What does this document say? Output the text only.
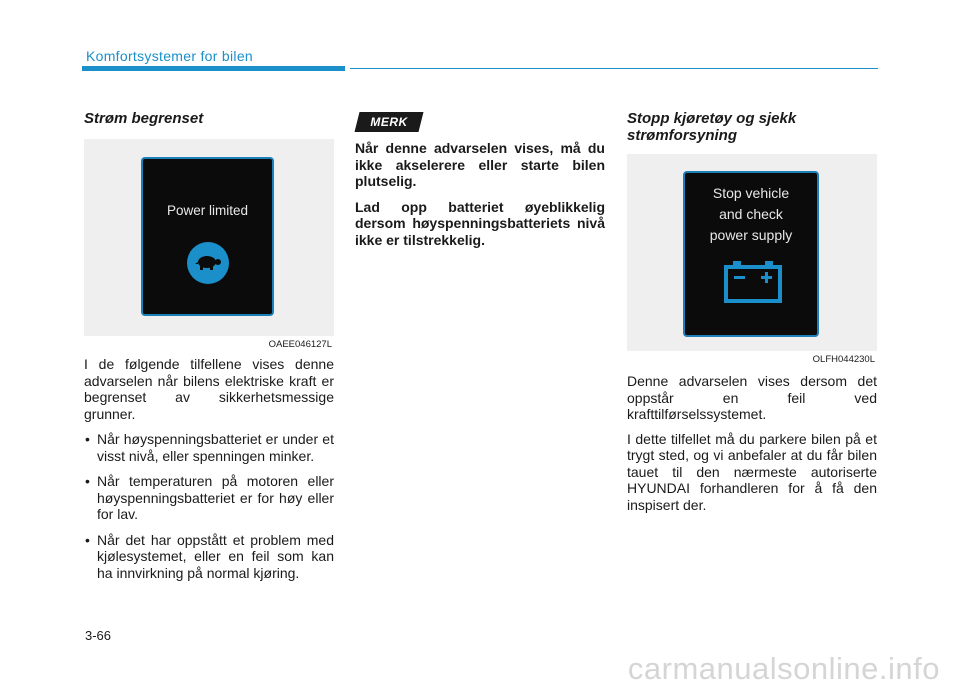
Komfortsystemer for bilen
Strøm begrenset
Power limited
OAEE046127L

I de følgende tilfellene vises denne advarselen når bilens elektriske kraft er begrenset av sikkerhetsmessige grunner.

• Når høyspenningsbatteriet er under et visst nivå, eller spenningen minker.
• Når temperaturen på motoren eller høyspenningsbatteriet er for høy eller for lav.
• Når det har oppstått et problem med kjølesystemet, eller en feil som kan ha innvirkning på normal kjøring.
MERK

Når denne advarselen vises, må du ikke akselerere eller starte bilen plutselig.

Lad opp batteriet øyeblikkelig dersom høyspenningsbatteriets nivå ikke er tilstrekkelig.

Stopp kjøretøy og sjekk strømforsyning
Stop vehicle
and check
power supply
OLFH044230L

Denne advarselen vises dersom det oppstår en feil ved krafttilførselssystemet.

I dette tilfellet må du parkere bilen på et trygt sted, og vi anbefaler at du får bilen tauet til den nærmeste autoriserte HYUNDAI forhandleren for å få den inspisert der.

3-66
carmanualsonline.info
